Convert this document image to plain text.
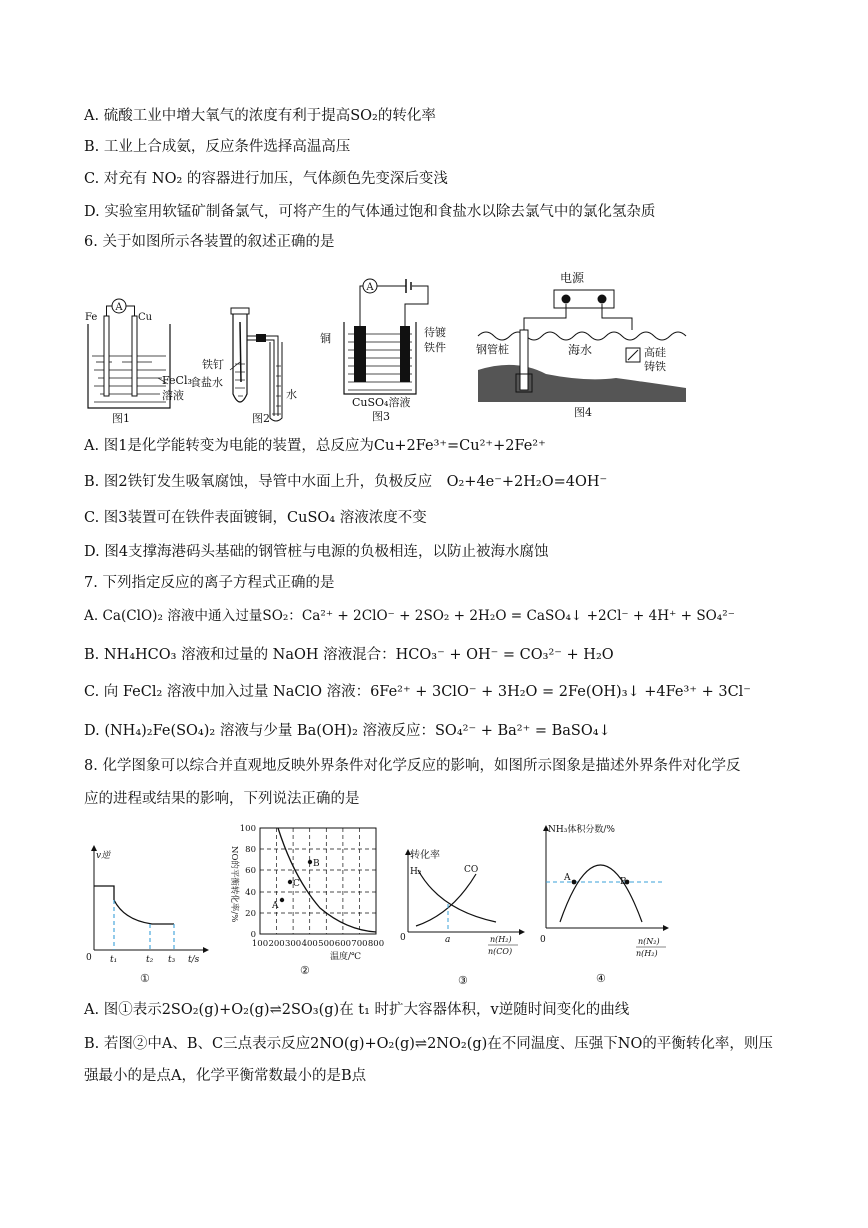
A. 硫酸工业中增大氧气的浓度有利于提高SO₂的转化率
B. 工业上合成氨，反应条件选择高温高压
C. 对充有 NO₂ 的容器进行加压，气体颜色先变深后变浅
D. 实验室用软锰矿制备氯气，可将产生的气体通过饱和食盐水以除去氯气中的氯化氢杂质
6. 关于如图所示各装置的叙述正确的是
A
Fe	Cu
FeCl₃
溶液
图1
铁钉
食盐水
水
图2
A
铜	待镀
铁件
CuSO₄溶液
图3
电源
钢管桩	海水	高硅
铸铁
图4
A. 图1是化学能转变为电能的装置，总反应为Cu+2Fe³⁺=Cu²⁺+2Fe²⁺
B. 图2铁钉发生吸氧腐蚀，导管中水面上升，负极反应　O₂+4e⁻+2H₂O=4OH⁻
C. 图3装置可在铁件表面镀铜，CuSO₄ 溶液浓度不变
D. 图4支撑海港码头基础的钢管桩与电源的负极相连，以防止被海水腐蚀
7. 下列指定反应的离子方程式正确的是
A. Ca(ClO)₂ 溶液中通入过量SO₂：Ca²⁺ + 2ClO⁻ + 2SO₂ + 2H₂O = CaSO₄↓ +2Cl⁻ + 4H⁺ + SO₄²⁻
B. NH₄HCO₃ 溶液和过量的 NaOH 溶液混合：HCO₃⁻ + OH⁻ = CO₃²⁻ + H₂O
C. 向 FeCl₂ 溶液中加入过量 NaClO 溶液：6Fe²⁺ + 3ClO⁻ + 3H₂O = 2Fe(OH)₃↓ +4Fe³⁺ + 3Cl⁻
D. (NH₄)₂Fe(SO₄)₂ 溶液与少量 Ba(OH)₂ 溶液反应：SO₄²⁻ + Ba²⁺ = BaSO₄↓
8. 化学图象可以综合并直观地反映外界条件对化学反应的影响，如图所示图象是描述外界条件对化学反
应的进程或结果的影响，下列说法正确的是
v逆
0 t₁	t₂ t₃ t/s
①
A
B
C
100
80
60
40
20
0
100 200 300 400 500 600 700 800
温度/℃
NO的平衡转化率/%
②
转化率
H₂	CO
0	a	n(H₂)
n(CO)
③
A	B
NH₃体积分数/%
0	n(N₂)
n(H₂)
④
A. 图①表示2SO₂(g)+O₂(g)⇌2SO₃(g)在 t₁ 时扩大容器体积，v逆随时间变化的曲线
B. 若图②中A、B、C三点表示反应2NO(g)+O₂(g)⇌2NO₂(g)在不同温度、压强下NO的平衡转化率，则压
强最小的是点A，化学平衡常数最小的是B点
